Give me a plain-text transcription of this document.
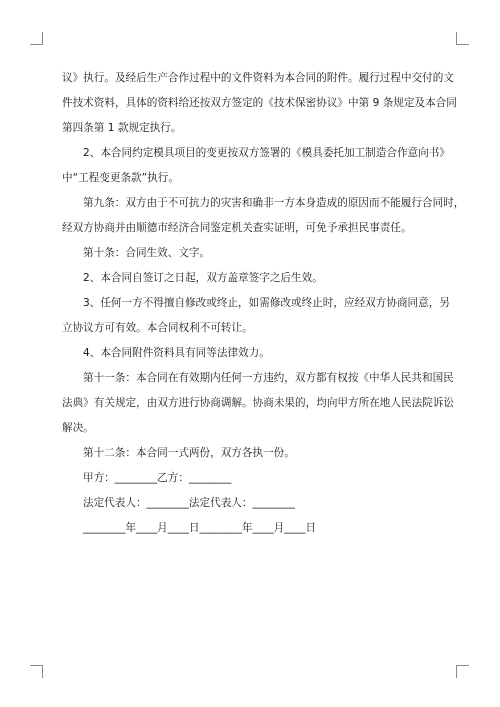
议》执行。及经后生产合作过程中的文件资料为本合同的附件。履行过程中交付的文
件技术资料，具体的资料给还按双方签定的《技术保密协议》中第 9 条规定及本合同
第四条第 1 款规定执行。
2、本合同约定模具项目的变更按双方签署的《模具委托加工制造合作意向书》
中“工程变更条款”执行。
第九条：双方由于不可抗力的灾害和确非一方本身造成的原因而不能履行合同时，
经双方协商并由顺德市经济合同鉴定机关查实证明，可免予承担民事责任。
第十条：合同生效、文字。
2、本合同自签订之日起，双方盖章签字之后生效。
3、任何一方不得擅自修改或终止，如需修改或终止时，应经双方协商同意，另
立协议方可有效。本合同权利不可转让。
4、本合同附件资料具有同等法律效力。
第十一条：本合同在有效期内任何一方违约，双方都有权按《中华人民共和国民
法典》有关规定，由双方进行协商调解。协商未果的，均向甲方所在地人民法院诉讼
解决。
第十二条：本合同一式两份，双方各执一份。
甲方：________乙方：________
法定代表人：________法定代表人：________
________年____月____日________年____月____日
